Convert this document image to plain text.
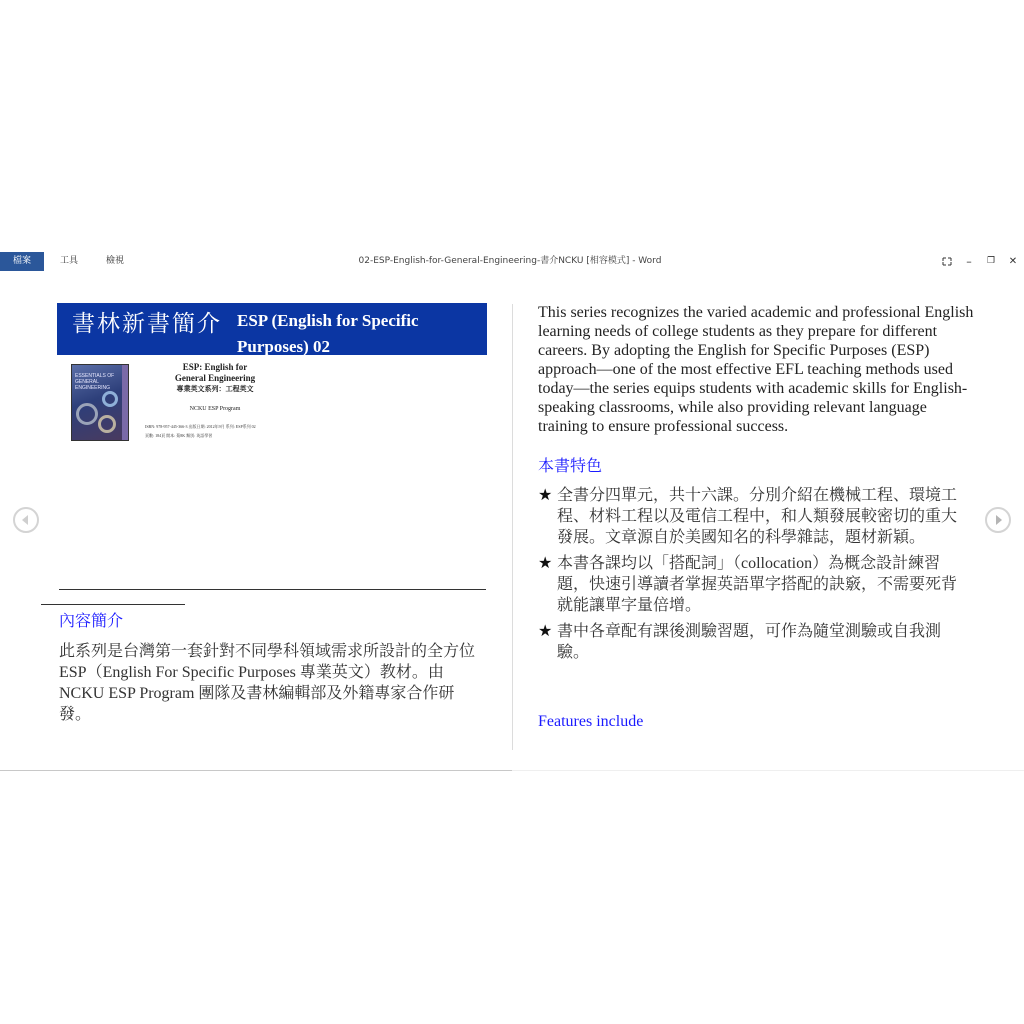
檔案	工具	檢視	02-ESP-English-for-General-Engineering-書介NCKU [相容模式] - Word	–	❐	✕
書林新書簡介 ESP (English for Specific Purposes) 02
ESSENTIALS OF GENERAL ENGINEERING
ESP: English for
General Engineering
專業英文系列：工程英文
NCKU ESP Program
ISBN: 978-957-445-366-3 出版日期: 2012年9月 系列: ESP系列 02
頁數: 184頁 開本: 菊8K 類別: 英語學習
內容簡介
此系列是台灣第一套針對不同學科領域需求所設計的全方位 ESP（English For Specific Purposes 專業英文）教材。由 NCKU ESP Program 團隊及書林編輯部及外籍專家合作研發。
This series recognizes the varied academic and professional English learning needs of college students as they prepare for different careers. By adopting the English for Specific Purposes (ESP) approach—one of the most effective EFL teaching methods used today—the series equips students with academic skills for English-speaking classrooms, while also providing relevant language training to ensure professional success.
本書特色
★ 全書分四單元，共十六課。分別介紹在機械工程、環境工程、材料工程以及電信工程中，和人類發展較密切的重大發展。文章源自於美國知名的科學雜誌，題材新穎。
★ 本書各課均以「搭配詞」（collocation）為概念設計練習題，快速引導讀者掌握英語單字搭配的訣竅，不需要死背就能讓單字量倍增。
★ 書中各章配有課後測驗習題，可作為隨堂測驗或自我測驗。
Features include
